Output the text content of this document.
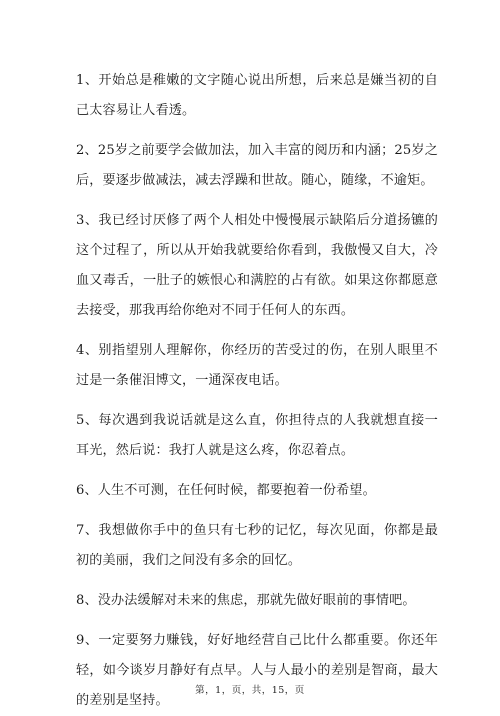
1、开始总是稚嫩的文字随心说出所想，后来总是嫌当初的自己太容易让人看透。

2、25岁之前要学会做加法，加入丰富的阅历和内涵；25岁之后，要逐步做减法，减去浮躁和世故。随心，随缘，不逾矩。

3、我已经讨厌修了两个人相处中慢慢展示缺陷后分道扬镳的这个过程了，所以从开始我就要给你看到，我傲慢又自大，冷血又毒舌，一肚子的嫉恨心和满腔的占有欲。如果这你都愿意去接受，那我再给你绝对不同于任何人的东西。

4、别指望别人理解你，你经历的苦受过的伤，在别人眼里不过是一条催泪博文，一通深夜电话。

5、每次遇到我说话就是这么直，你担待点的人我就想直接一耳光，然后说：我打人就是这么疼，你忍着点。

6、人生不可测，在任何时候，都要抱着一份希望。

7、我想做你手中的鱼只有七秒的记忆，每次见面，你都是最初的美丽，我们之间没有多余的回忆。

8、没办法缓解对未来的焦虑，那就先做好眼前的事情吧。

9、一定要努力赚钱，好好地经营自己比什么都重要。你还年轻，如今谈岁月静好有点早。人与人最小的差别是智商，最大的差别是坚持。

第，1，页，共，15，页
